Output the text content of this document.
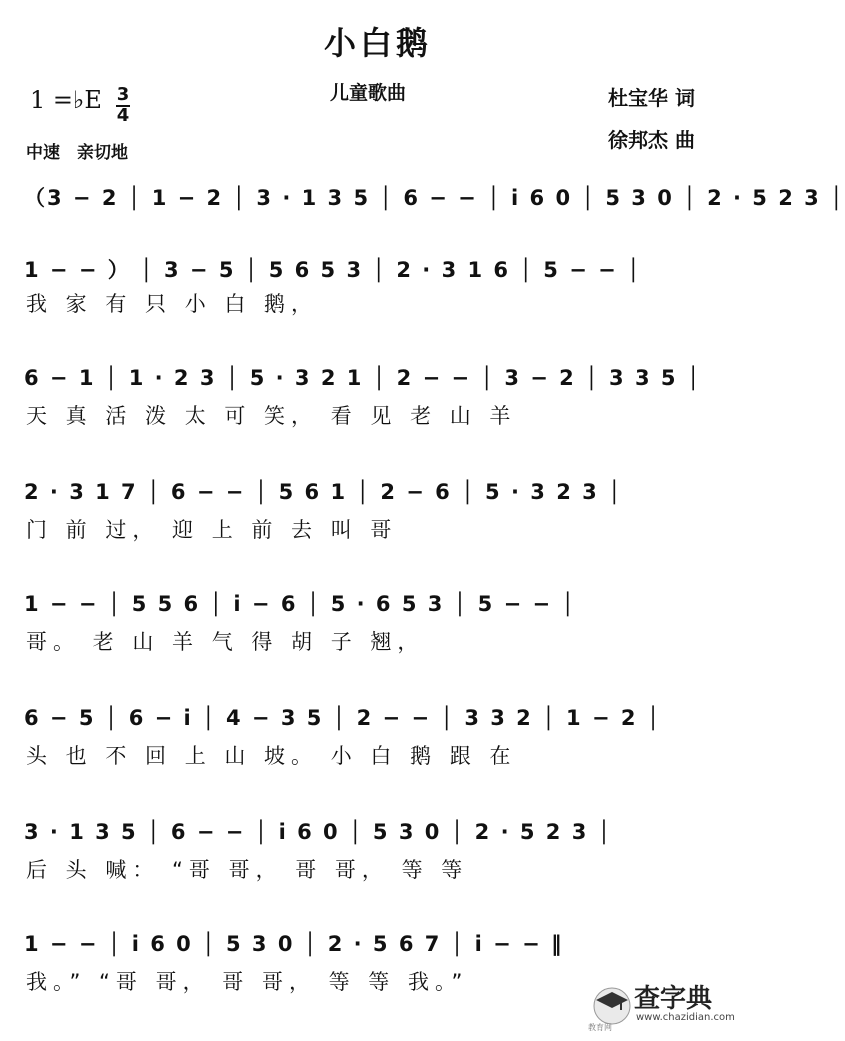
小白鹅
儿童歌曲	杜宝华 词
徐邦杰 曲
1 =♭E $\frac{3}{4}$
中速　亲切地
（3 − 2 │ 1 − 2 │ 3 · 1 3 5 │ 6 − − │ i 6 0 │ 5 3 0 │ 2 · 5 2 3 │
1 − − ） │ 3 − 5 │ 5 6 5 3 │ 2 · 3 1 6 │ 5 − − │
我 家 有 只 小 白 鹅，
6 − 1 │ 1 · 2 3 │ 5 · 3 2 1 │ 2 − − │ 3 − 2 │ 3 3 5 │
天 真 活 泼 太 可 笑， 看 见 老 山 羊
2 · 3 1 7 │ 6 − − │ 5 6 1 │ 2 − 6 │ 5 · 3 2 3 │
门 前 过， 迎 上 前 去 叫 哥
1 − − │ 5 5 6 │ i − 6 │ 5 · 6 5 3 │ 5 − − │
哥。 老 山 羊 气 得 胡 子 翘，
6 − 5 │ 6 − i │ 4 − 3 5 │ 2 − − │ 3 3 2 │ 1 − 2 │
头 也 不 回 上 山 坡。 小 白 鹅 跟 在
3 · 1 3 5 │ 6 − − │ i 6 0 │ 5 3 0 │ 2 · 5 2 3 │
后 头 喊： “哥 哥， 哥 哥， 等 等
1 − − │ i 6 0 │ 5 3 0 │ 2 · 5 6 7 │ i − − ‖
我。” “哥 哥， 哥 哥， 等 等 我。”
查字典
www.chazidian.com
教育网
